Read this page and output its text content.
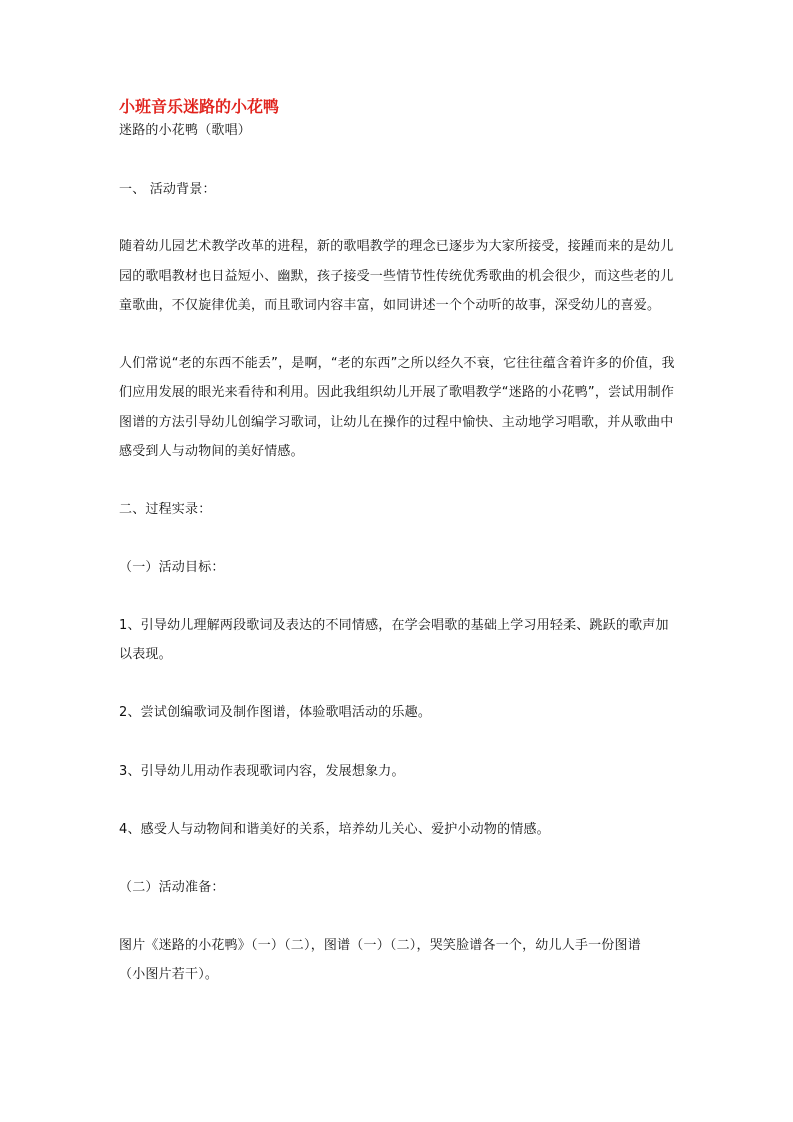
小班音乐迷路的小花鸭
迷路的小花鸭（歌唱）
一、 活动背景：
随着幼儿园艺术教学改革的进程，新的歌唱教学的理念已逐步为大家所接受，接踵而来的是幼儿
园的歌唱教材也日益短小、幽默，孩子接受一些情节性传统优秀歌曲的机会很少，而这些老的儿
童歌曲，不仅旋律优美，而且歌词内容丰富，如同讲述一个个动听的故事，深受幼儿的喜爱。
人们常说“老的东西不能丢”，是啊，“老的东西”之所以经久不衰，它往往蕴含着许多的价值，我
们应用发展的眼光来看待和利用。因此我组织幼儿开展了歌唱教学“迷路的小花鸭”，尝试用制作
图谱的方法引导幼儿创编学习歌词，让幼儿在操作的过程中愉快、主动地学习唱歌，并从歌曲中
感受到人与动物间的美好情感。
二、过程实录：
（一）活动目标：
1、引导幼儿理解两段歌词及表达的不同情感，在学会唱歌的基础上学习用轻柔、跳跃的歌声加
以表现。
2、尝试创编歌词及制作图谱，体验歌唱活动的乐趣。
3、引导幼儿用动作表现歌词内容，发展想象力。
4、感受人与动物间和谐美好的关系，培养幼儿关心、爱护小动物的情感。
（二）活动准备：
图片《迷路的小花鸭》（一）（二），图谱（一）（二），哭笑脸谱各一个，幼儿人手一份图谱
（小图片若干）。
